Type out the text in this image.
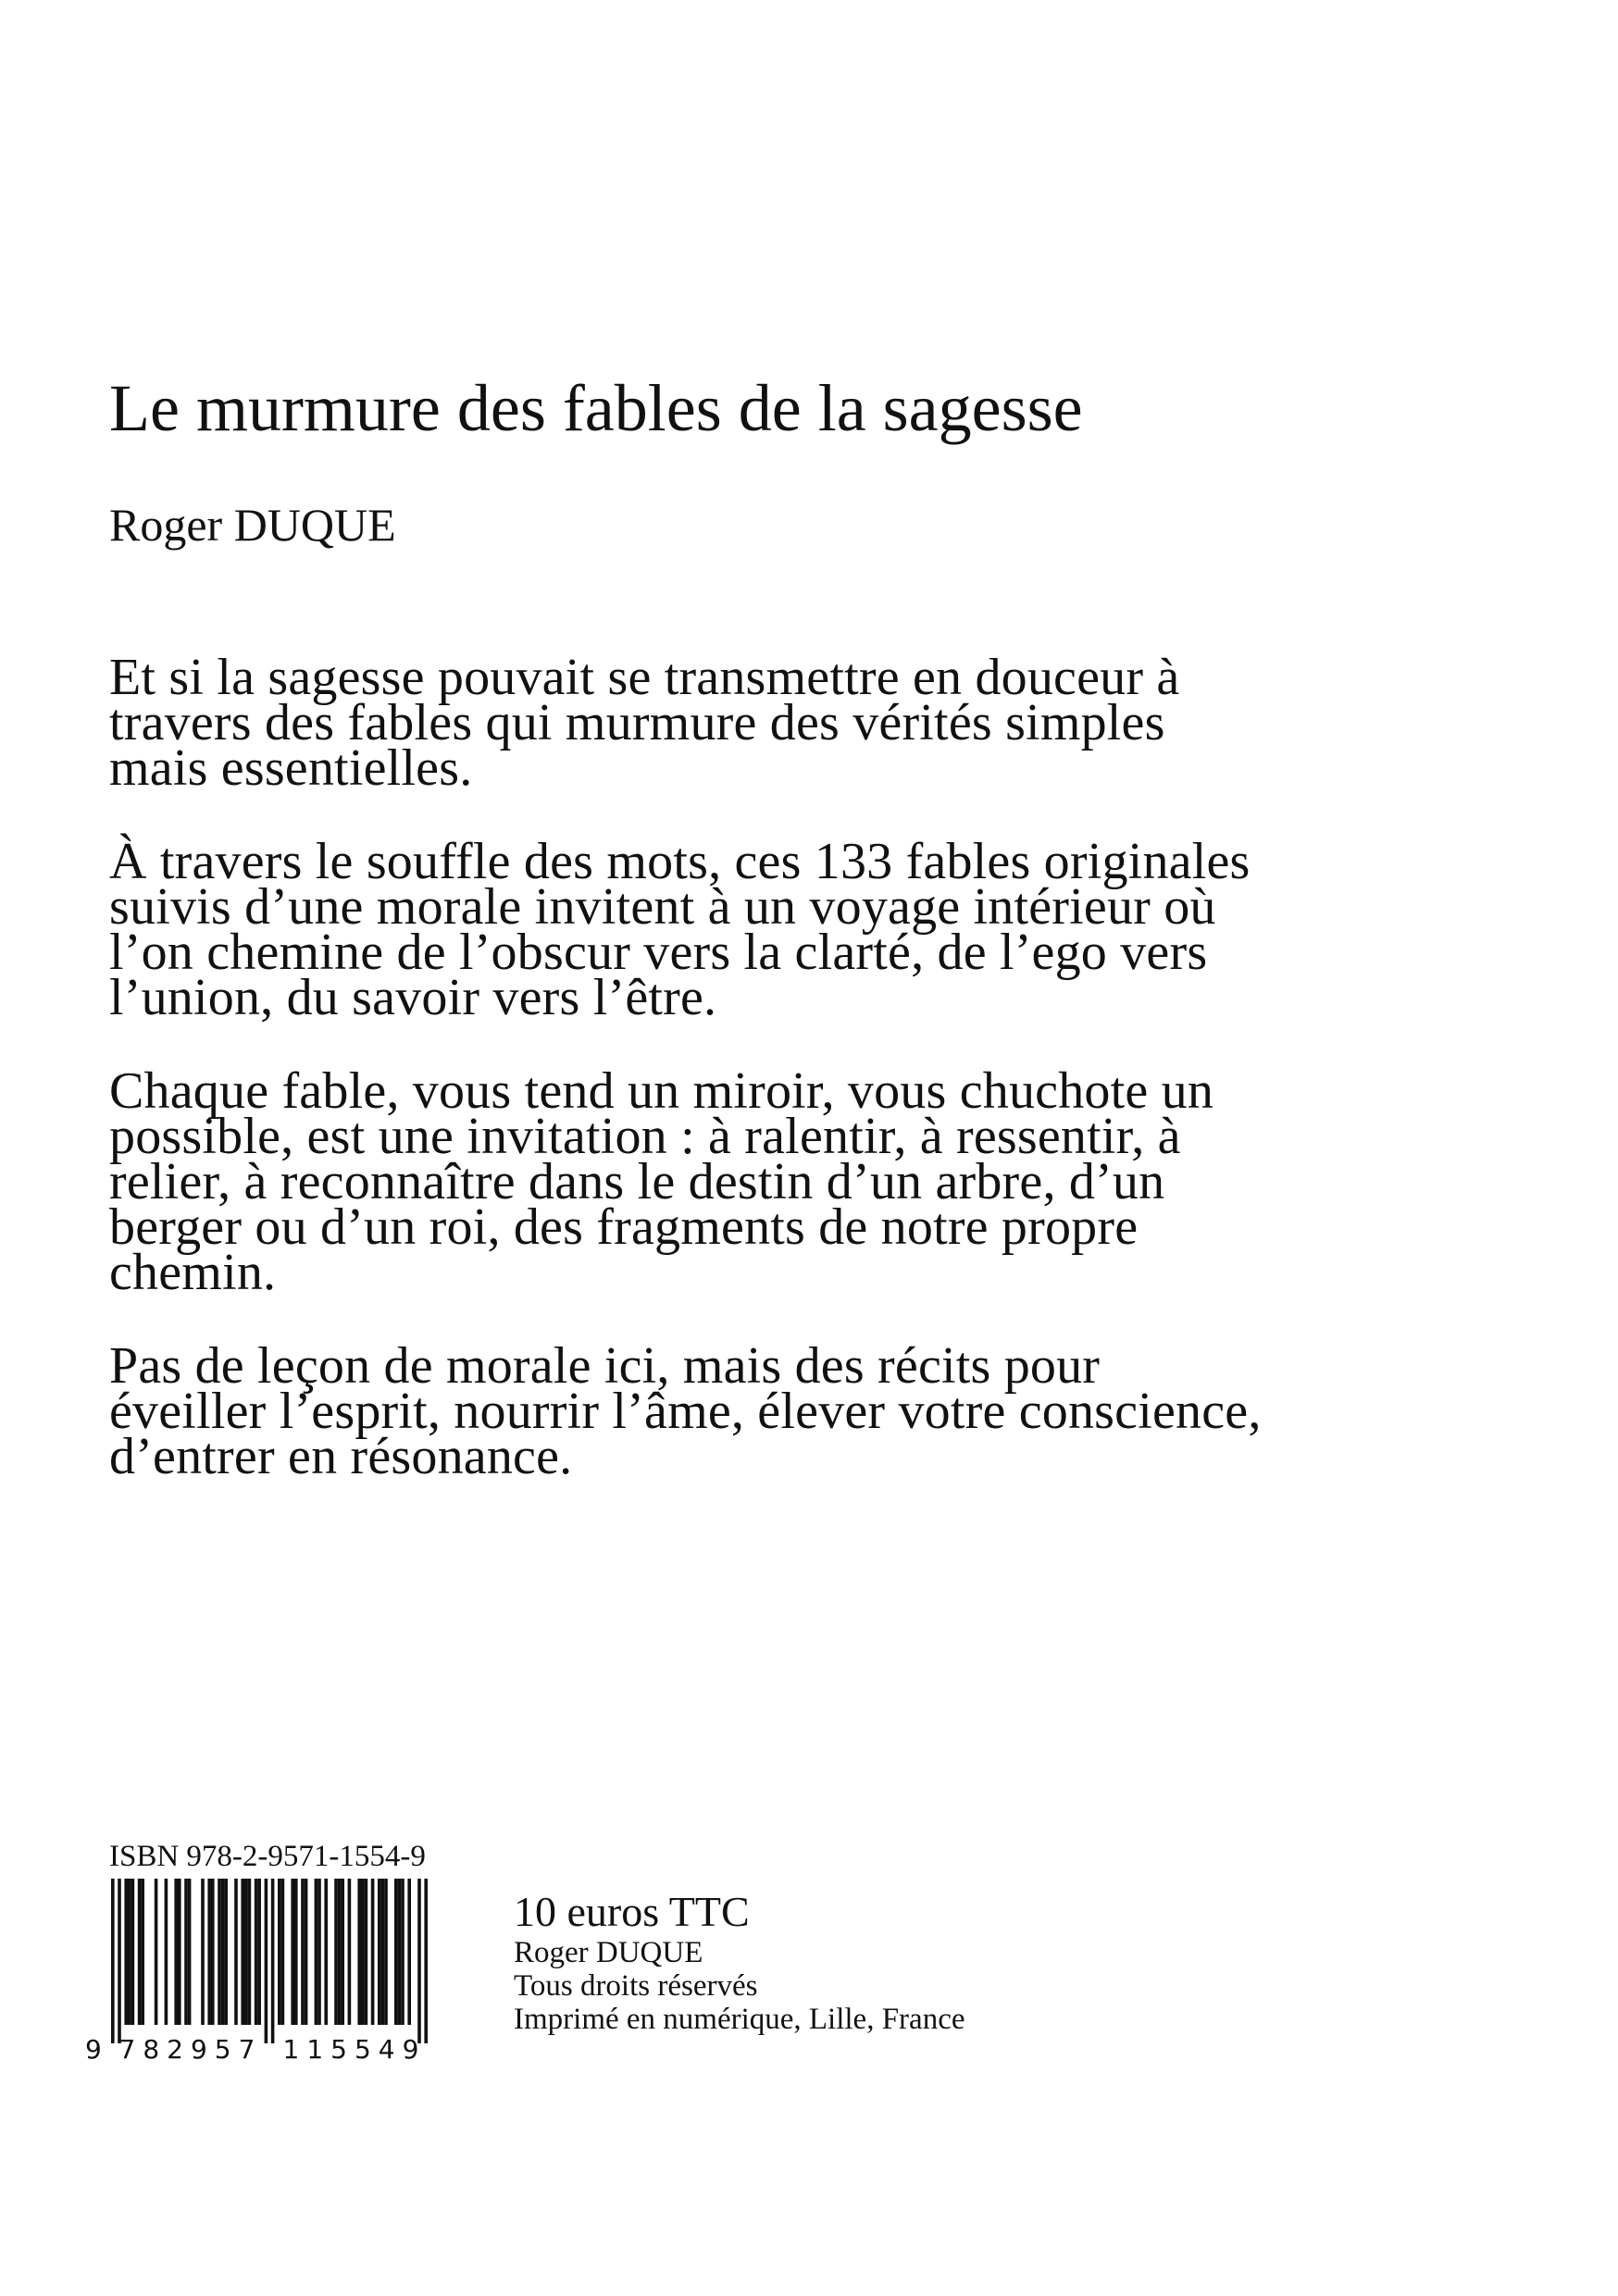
Le murmure des fables de la sagesse
Roger DUQUE

Et si la sagesse pouvait se transmettre en douceur à travers des fables qui murmure des vérités simples mais essentielles.

À travers le souffle des mots, ces 133 fables originales suivis d’une morale invitent à un voyage intérieur où l’on chemine de l’obscur vers la clarté, de l’ego vers l’union, du savoir vers l’être.

Chaque fable, vous tend un miroir, vous chuchote un possible, est une invitation : à ralentir, à ressentir, à relier, à reconnaître dans le destin d’un arbre, d’un berger ou d’un roi, des fragments de notre propre chemin.

Pas de leçon de morale ici, mais des récits pour éveiller l’esprit, nourrir l’âme, élever votre conscience, d’entrer en résonance.

ISBN 978-2-9571-1554-9
9 782957 115549
10 euros TTC
Roger DUQUE
Tous droits réservés
Imprimé en numérique, Lille, France
